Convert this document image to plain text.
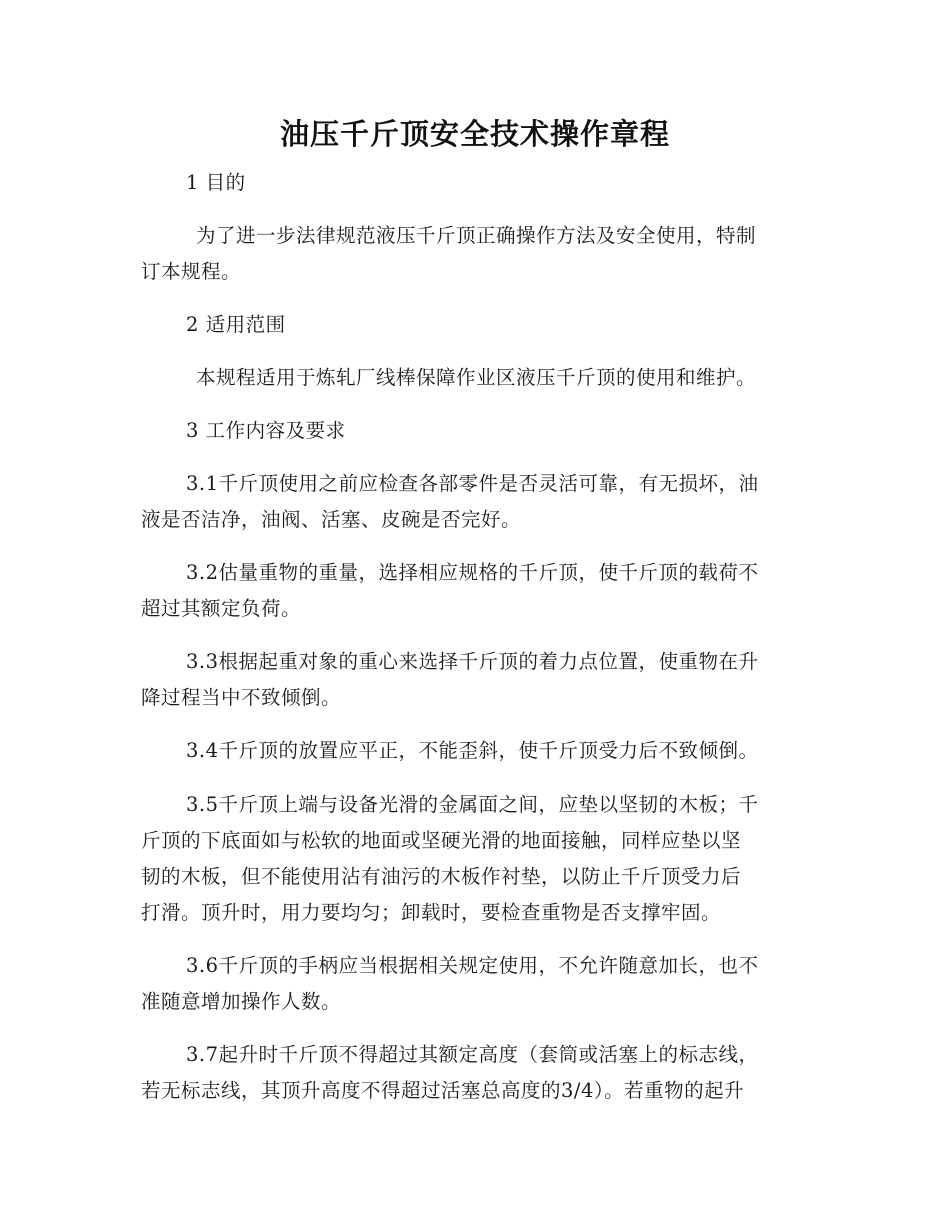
油压千斤顶安全技术操作章程
1 目的
为了进一步法律规范液压千斤顶正确操作方法及安全使用，特制
订本规程。
2 适用范围
本规程适用于炼轧厂线棒保障作业区液压千斤顶的使用和维护。
3 工作内容及要求
3.1千斤顶使用之前应检查各部零件是否灵活可靠，有无损坏，油
液是否洁净，油阀、活塞、皮碗是否完好。
3.2估量重物的重量，选择相应规格的千斤顶，使千斤顶的载荷不
超过其额定负荷。
3.3根据起重对象的重心来选择千斤顶的着力点位置，使重物在升
降过程当中不致倾倒。
3.4千斤顶的放置应平正，不能歪斜，使千斤顶受力后不致倾倒。
3.5千斤顶上端与设备光滑的金属面之间，应垫以坚韧的木板；千
斤顶的下底面如与松软的地面或坚硬光滑的地面接触，同样应垫以坚
韧的木板，但不能使用沾有油污的木板作衬垫，以防止千斤顶受力后
打滑。顶升时，用力要均匀；卸载时，要检查重物是否支撑牢固。
3.6千斤顶的手柄应当根据相关规定使用，不允许随意加长，也不
准随意增加操作人数。
3.7起升时千斤顶不得超过其额定高度（套筒或活塞上的标志线，
若无标志线，其顶升高度不得超过活塞总高度的3/4）。若重物的起升
